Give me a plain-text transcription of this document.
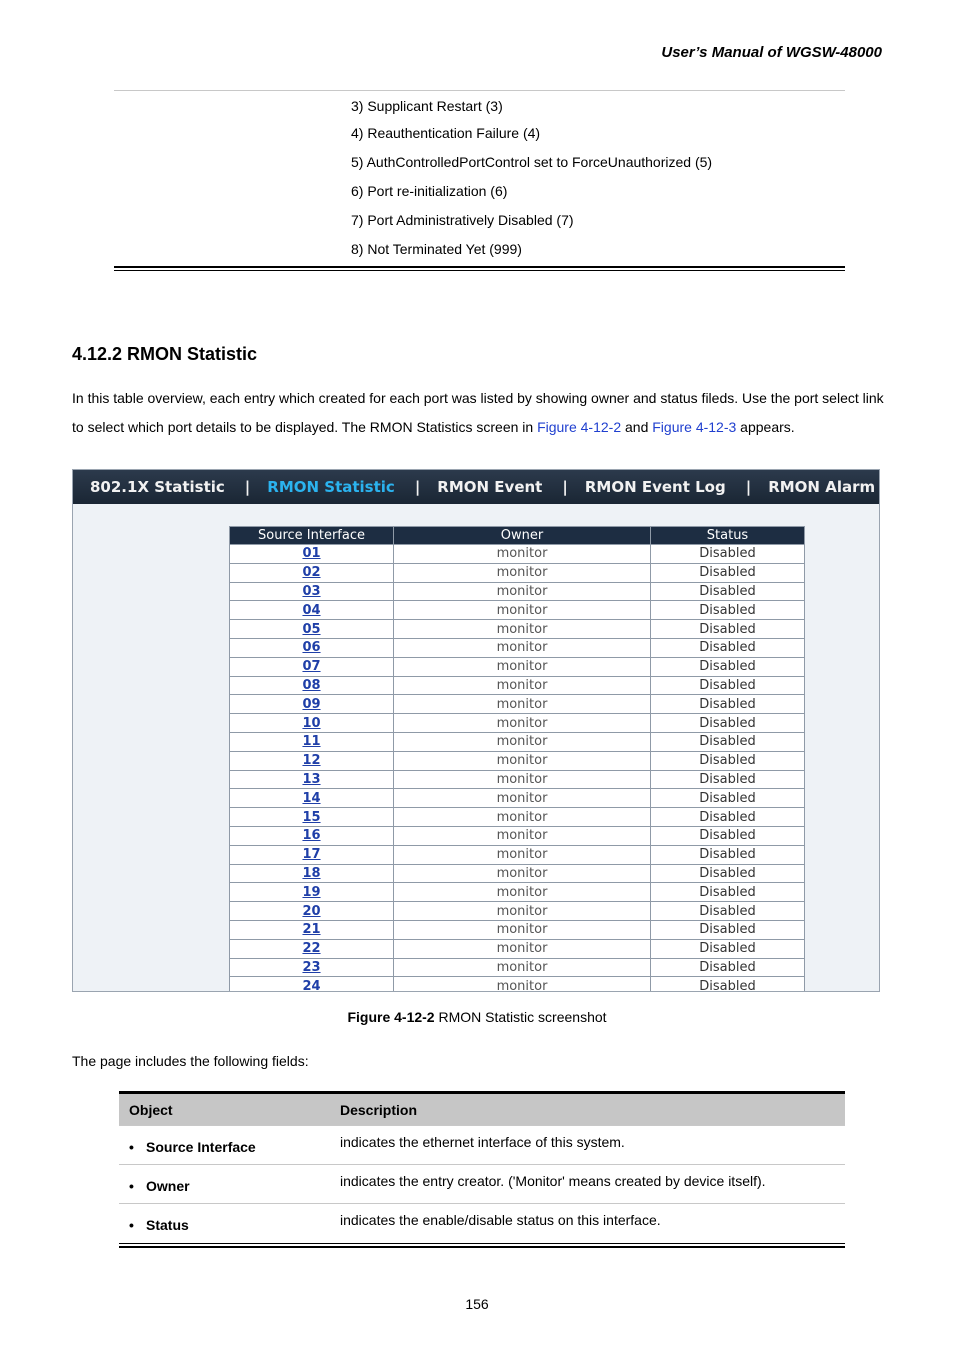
User’s Manual of WGSW-48000
3) Supplicant Restart (3)
4) Reauthentication Failure (4)
5) AuthControlledPortControl set to ForceUnauthorized (5)
6) Port re-initialization (6)
7) Port Administratively Disabled (7)
8) Not Terminated Yet (999)
4.12.2 RMON Statistic
In this table overview, each entry which created for each port was listed by showing owner and status fileds. Use the port select link to select which port details to be displayed. The RMON Statistics screen in Figure 4-12-2 and Figure 4-12-3 appears.
802.1X Statistic	|	RMON Statistic	|	RMON Event	|	RMON Event Log	|	RMON Alarm
Source Interface	Owner	Status
01	monitor	Disabled
02	monitor	Disabled
03	monitor	Disabled
04	monitor	Disabled
05	monitor	Disabled
06	monitor	Disabled
07	monitor	Disabled
08	monitor	Disabled
09	monitor	Disabled
10	monitor	Disabled
11	monitor	Disabled
12	monitor	Disabled
13	monitor	Disabled
14	monitor	Disabled
15	monitor	Disabled
16	monitor	Disabled
17	monitor	Disabled
18	monitor	Disabled
19	monitor	Disabled
20	monitor	Disabled
21	monitor	Disabled
22	monitor	Disabled
23	monitor	Disabled
24	monitor	Disabled
Figure 4-12-2 RMON Statistic screenshot
The page includes the following fields:
Object	Description
• Source Interface	indicates the ethernet interface of this system.
• Owner	indicates the entry creator. ('Monitor' means created by device itself).
• Status	indicates the enable/disable status on this interface.
156
